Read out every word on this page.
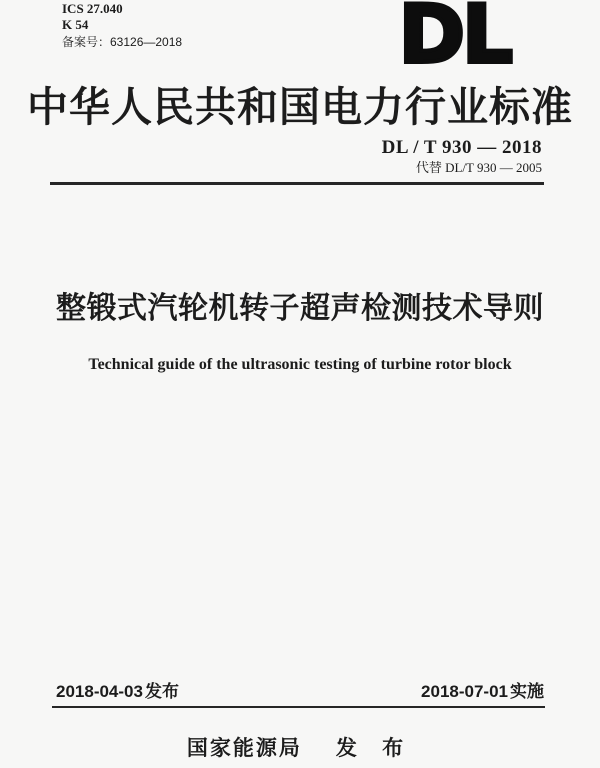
ICS 27.040
K 54
备案号：63126—2018	DL
中华人民共和国电力行业标准
DL / T 930 — 2018
代替 DL/T 930 — 2005
整锻式汽轮机转子超声检测技术导则
Technical guide of the ultrasonic testing of turbine rotor block
2018-04-03 发布	2018-07-01 实施
国家能源局 发 布
